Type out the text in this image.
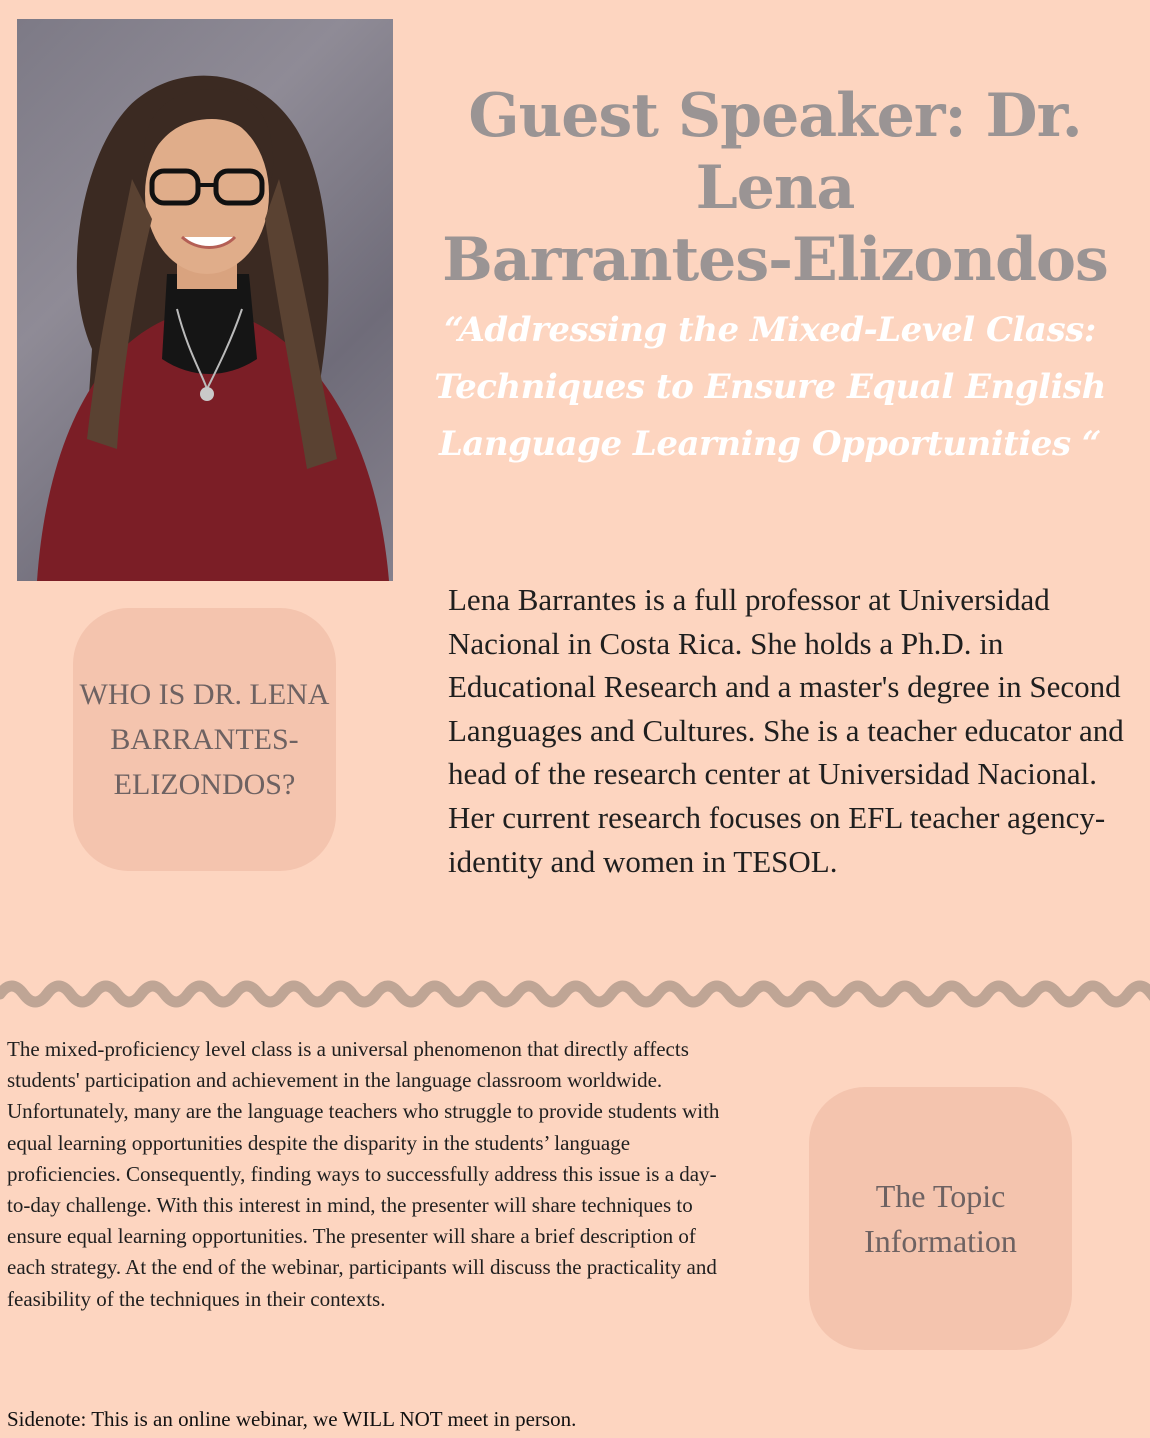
Guest Speaker: Dr. Lena
Barrantes-Elizondos
“Addressing the Mixed-Level Class:
Techniques to Ensure Equal English
Language Learning Opportunities “
WHO IS DR. LENA
BARRANTES-
ELIZONDOS?

Lena Barrantes is a full professor at Universidad Nacional in Costa Rica. She holds a Ph.D. in Educational Research and a master's degree in Second Languages and Cultures. She is a teacher educator and head of the research center at Universidad Nacional. Her current research focuses on EFL teacher agency-identity and women in TESOL.

The mixed-proficiency level class is a universal phenomenon that directly affects students' participation and achievement in the language classroom worldwide. Unfortunately, many are the language teachers who struggle to provide students with equal learning opportunities despite the disparity in the students’ language proficiencies. Consequently, finding ways to successfully address this issue is a day-to-day challenge. With this interest in mind, the presenter will share techniques to ensure equal learning opportunities. The presenter will share a brief description of each strategy. At the end of the webinar, participants will discuss the practicality and feasibility of the techniques in their contexts.

The Topic
Information

Sidenote: This is an online webinar, we WILL NOT meet in person.
